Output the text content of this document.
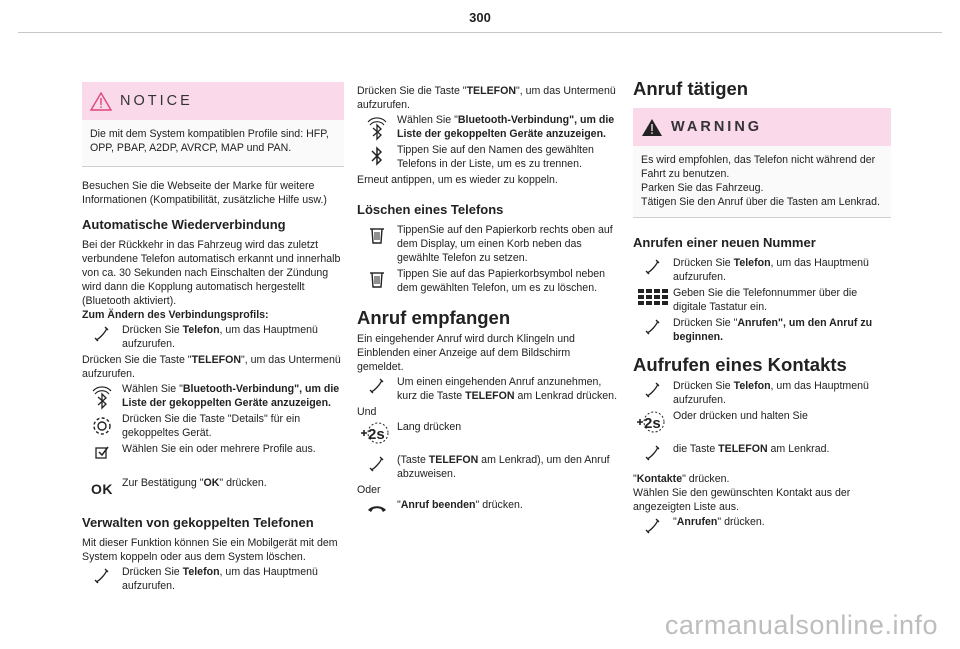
300
NOTICE

Die mit dem System kompatiblen Profile sind: HFP, OPP, PBAP, A2DP, AVRCP, MAP und PAN.

Besuchen Sie die Webseite der Marke für weitere Informationen (Kompatibilität, zusätzliche Hilfe usw.)

Automatische Wiederverbindung

Bei der Rückkehr in das Fahrzeug wird das zuletzt verbundene Telefon automatisch erkannt und innerhalb von ca. 30 Sekunden nach Einschalten der Zündung wird dann die Kopplung automatisch hergestellt (Bluetooth aktiviert).

Zum Ändern des Verbindungsprofils:

Drücken Sie Telefon, um das Hauptmenü aufzurufen.

Drücken Sie die Taste "TELEFON", um das Untermenü aufzurufen.

Wählen Sie "Bluetooth-Verbindung", um die Liste der gekoppelten Geräte anzuzeigen.
Drücken Sie die Taste "Details" für ein gekoppeltes Gerät.
Wählen Sie ein oder mehrere Profile aus.
OK Zur Bestätigung "OK" drücken.
Verwalten von gekoppelten Telefonen

Mit dieser Funktion können Sie ein Mobilgerät mit dem System koppeln oder aus dem System löschen.

Drücken Sie Telefon, um das Hauptmenü aufzurufen.

Drücken Sie die Taste "TELEFON", um das Untermenü aufzurufen.

Wählen Sie "Bluetooth-Verbindung", um die Liste der gekoppelten Geräte anzuzeigen.
Tippen Sie auf den Namen des gewählten Telefons in der Liste, um es zu trennen.

Erneut antippen, um es wieder zu koppeln.

Löschen eines Telefons
TippenSie auf den Papierkorb rechts oben auf dem Display, um einen Korb neben das gewählte Telefon zu setzen.
Tippen Sie auf das Papierkorbsymbol neben dem gewählten Telefon, um es zu löschen.
Anruf empfangen

Ein eingehender Anruf wird durch Klingeln und Einblenden einer Anzeige auf dem Bildschirm gemeldet.

Um einen eingehenden Anruf anzunehmen, kurz die Taste TELEFON am Lenkrad drücken.

Und

2s Lang drücken
(Taste TELEFON am Lenkrad), um den Anruf abzuweisen.

Oder

"Anruf beenden" drücken.
Anruf tätigen
WARNING

Es wird empfohlen, das Telefon nicht während der Fahrt zu benutzen.

Parken Sie das Fahrzeug.

Tätigen Sie den Anruf über die Tasten am Lenkrad.

Anrufen einer neuen Nummer
Drücken Sie Telefon, um das Hauptmenü aufzurufen.
Geben Sie die Telefonnummer über die digitale Tastatur ein.
Drücken Sie "Anrufen", um den Anruf zu beginnen.
Aufrufen eines Kontakts
Drücken Sie Telefon, um das Hauptmenü aufzurufen.
2s Oder drücken und halten Sie
die Taste TELEFON am Lenkrad.

"Kontakte" drücken.

Wählen Sie den gewünschten Kontakt aus der angezeigten Liste aus.

"Anrufen" drücken.
carmanualsonline.info
